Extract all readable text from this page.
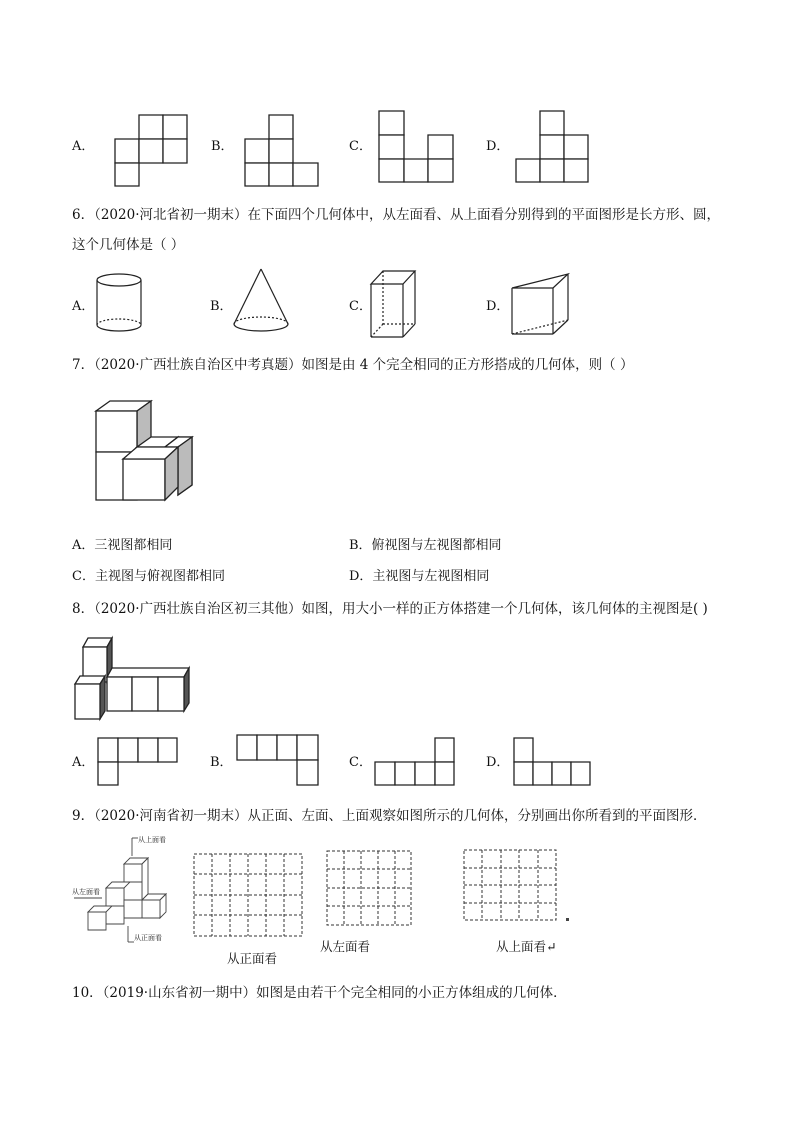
A．	B．	C．	D．
6．（2020·河北省初一期末）在下面四个几何体中，从左面看、从上面看分别得到的平面图形是长方形、圆，
这个几何体是（ ）
A．	B．	C．	D．
7．（2020·广西壮族自治区中考真题）如图是由 4 个完全相同的正方形搭成的几何体，则（ ）
A．三视图都相同	B．俯视图与左视图都相同
C．主视图与俯视图都相同	D．主视图与左视图相同
8．（2020·广西壮族自治区初三其他）如图，用大小一样的正方体搭建一个几何体，该几何体的主视图是( )
A．	B．	C．	D．
9．（2020·河南省初一期末）从正面、左面、上面观察如图所示的几何体，分别画出你所看到的平面图形．
从上面看
从左面看
从正面看
从正面看
从左面看	从上面看↵
10．（2019·山东省初一期中）如图是由若干个完全相同的小正方体组成的几何体．
